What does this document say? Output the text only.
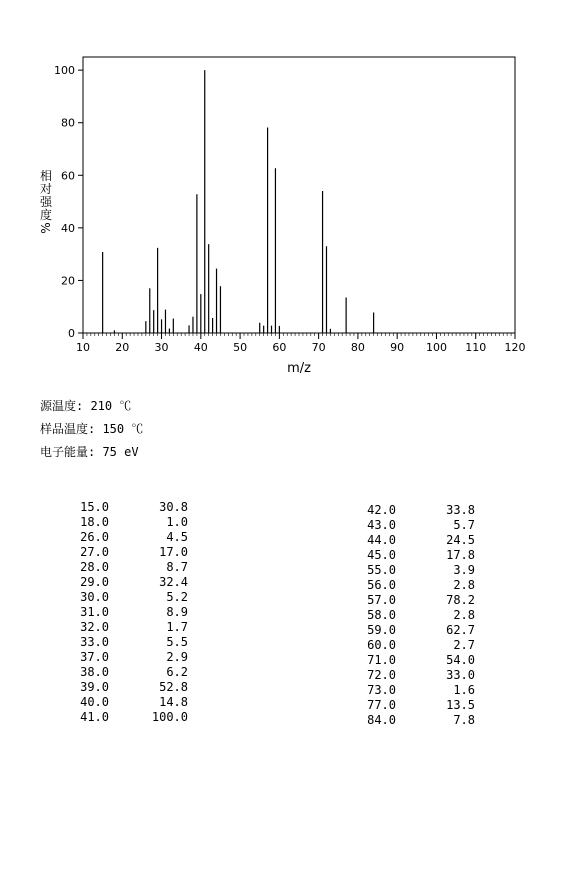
10 20 30 40 50 60 70 80 90 100 110 120
0
20
40
60
80
100
相
对
强
度
%
m/z
源温度: 210 ℃
样品温度: 150 ℃
电子能量: 75 eV
15.0	30.8
18.0	1.0
26.0	4.5
27.0	17.0
28.0	8.7
29.0	32.4
30.0	5.2
31.0	8.9
32.0	1.7
33.0	5.5
37.0	2.9
38.0	6.2
39.0	52.8
40.0	14.8
41.0	100.0
42.0	33.8
43.0	5.7
44.0	24.5
45.0	17.8
55.0	3.9
56.0	2.8
57.0	78.2
58.0	2.8
59.0	62.7
60.0	2.7
71.0	54.0
72.0	33.0
73.0	1.6
77.0	13.5
84.0	7.8
